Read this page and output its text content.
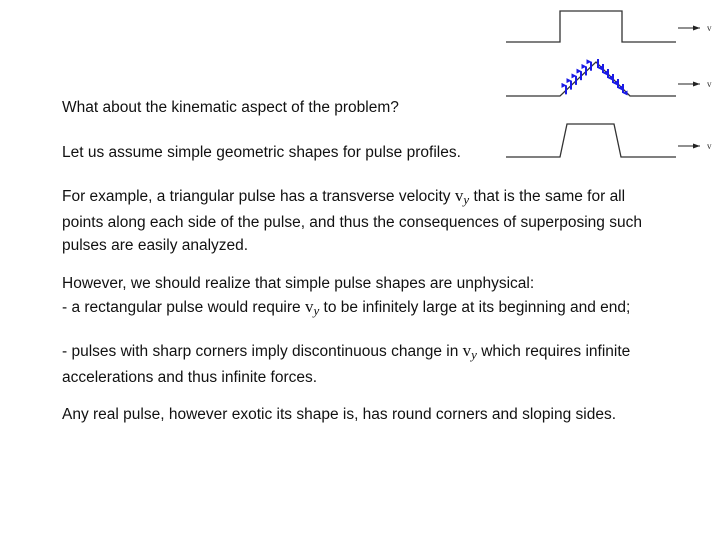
v
v
v

What about the kinematic aspect of the problem?

Let us assume simple geometric shapes for pulse profiles.

For example, a triangular pulse has a transverse velocity $v_y$ that is the same for all points along each side of the pulse, and thus the consequences of superposing such pulses are easily analyzed.

However, we should realize that simple pulse shapes are unphysical:
- a rectangular pulse would require $v_y$ to be infinitely large at its beginning and end;

- pulses with sharp corners imply discontinuous change in $v_y$ which requires infinite accelerations and thus infinite forces.

Any real pulse, however exotic its shape is, has round corners and sloping sides.
